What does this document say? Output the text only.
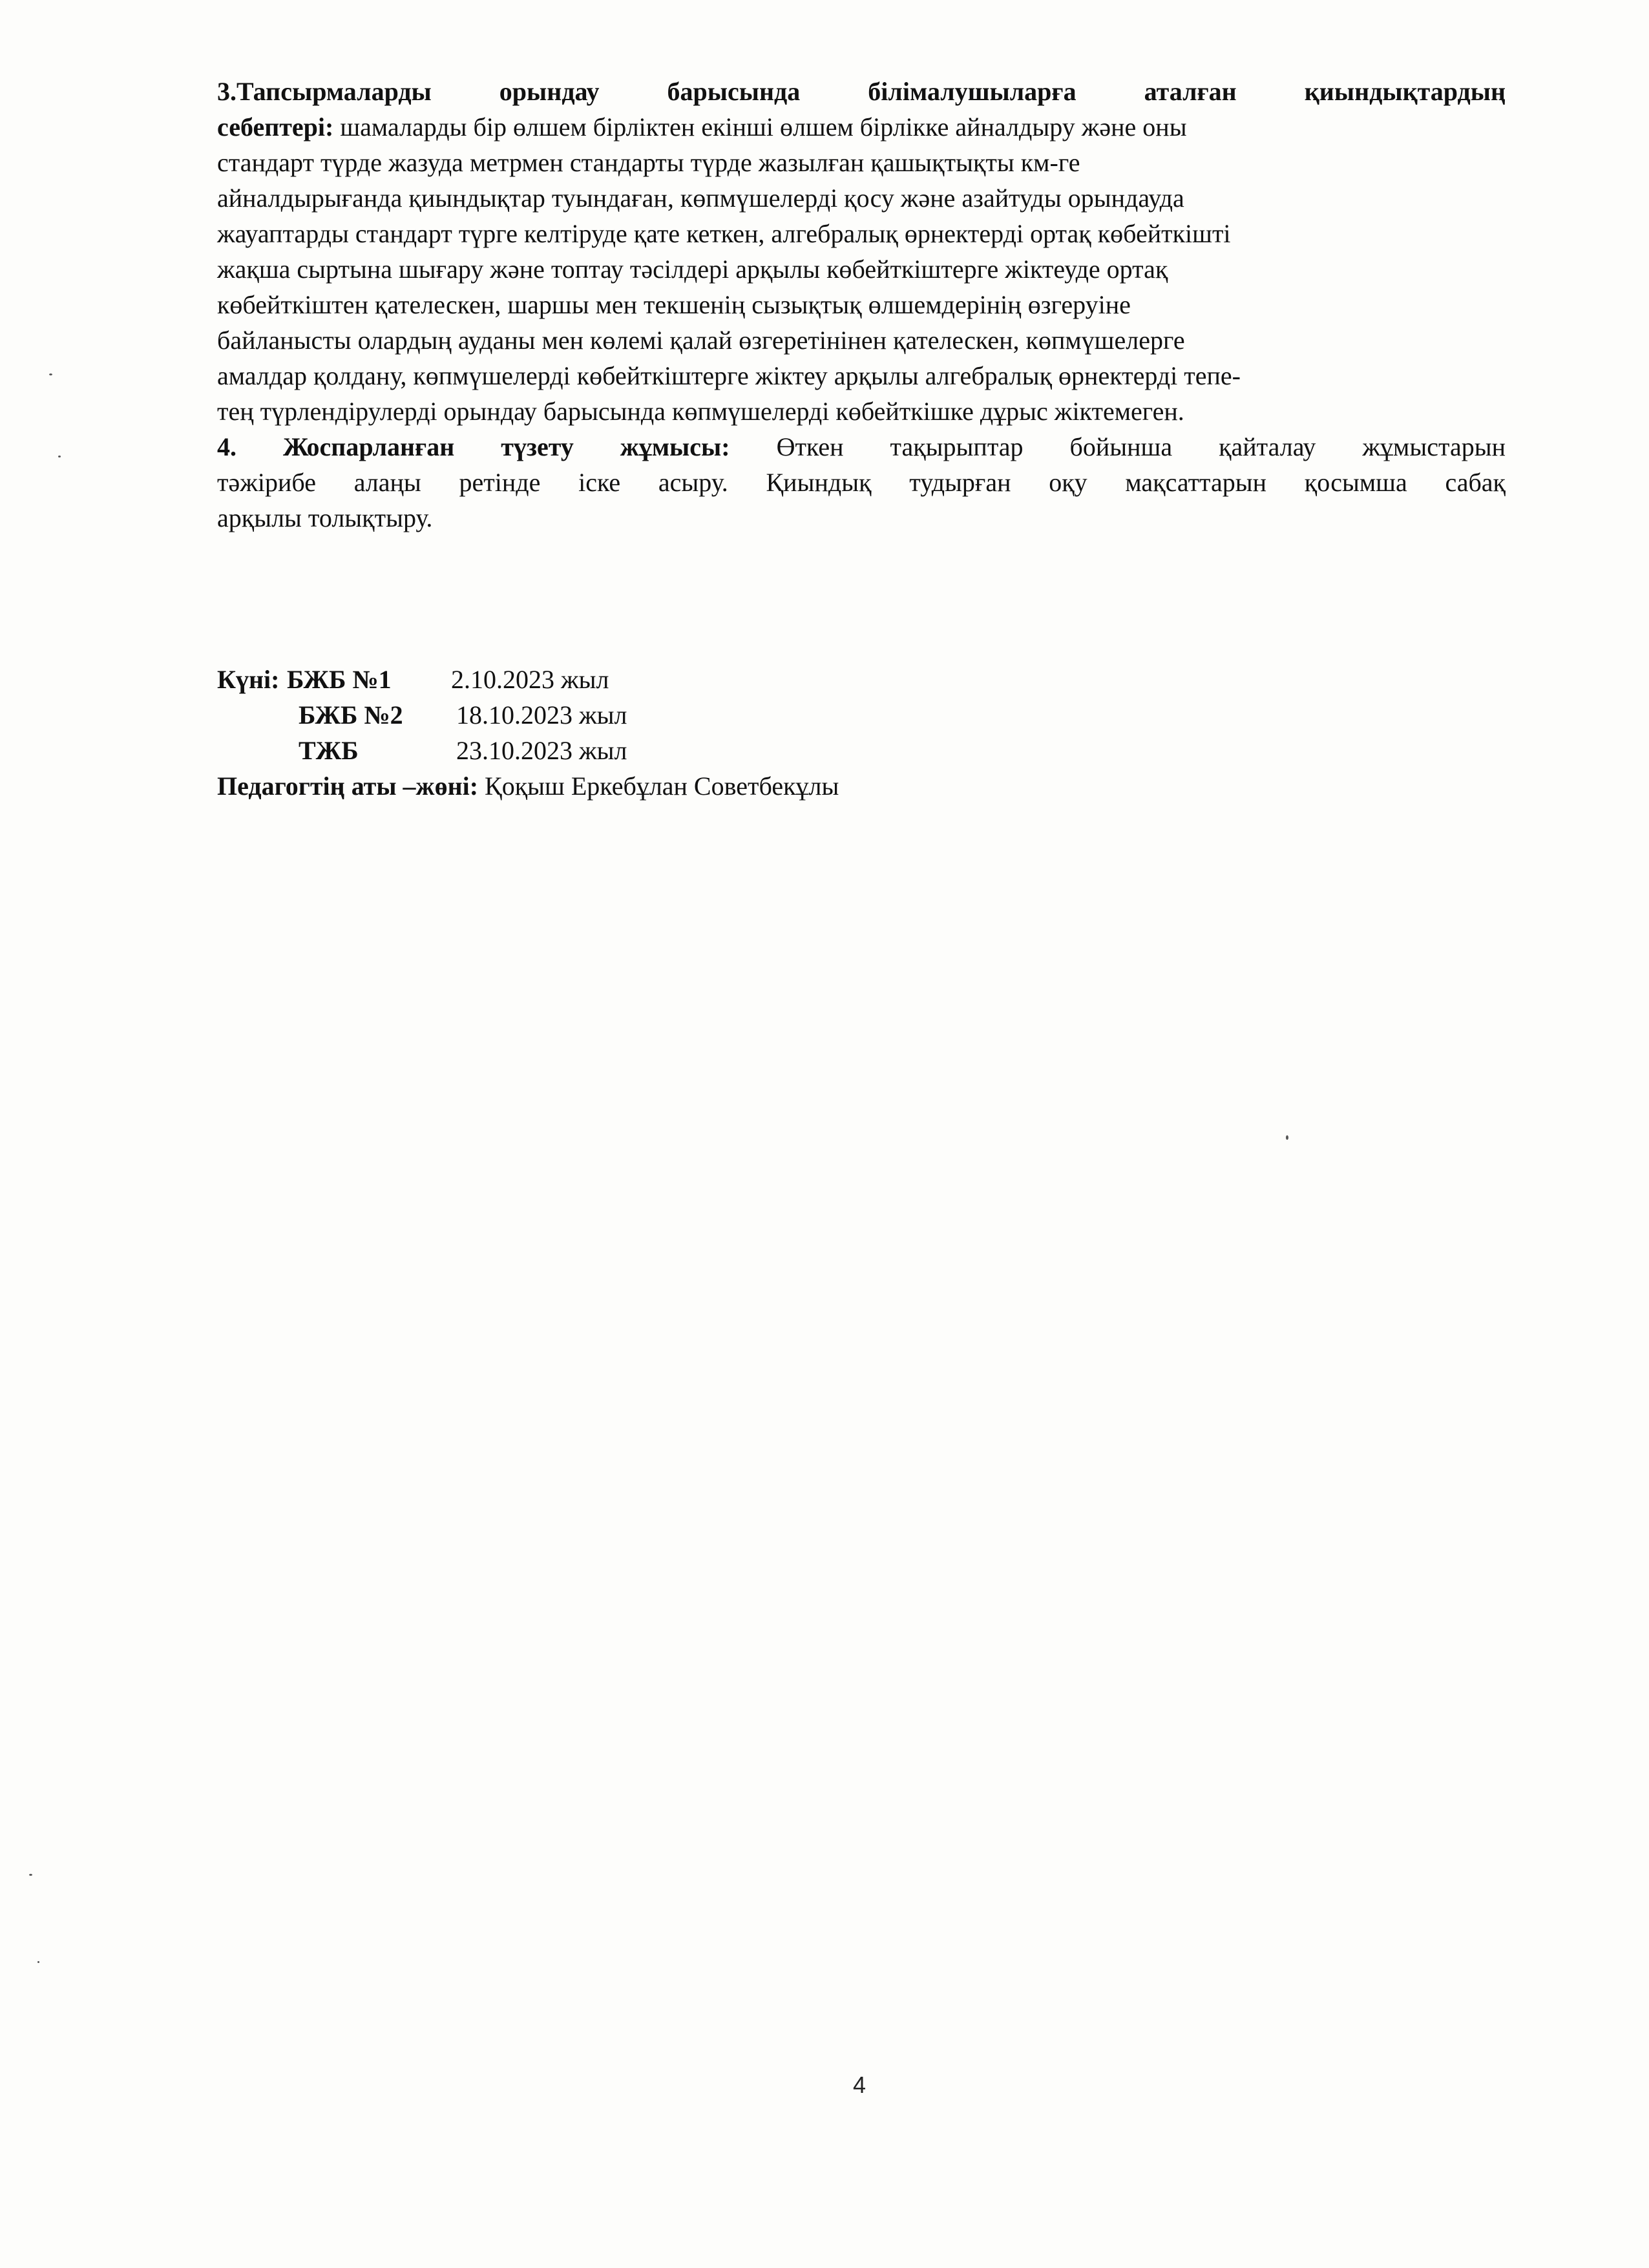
3.Тапсырмаларды орындау барысында білімалушыларға аталған қиындықтардың
себептері: шамаларды бір өлшем бірліктен екінші өлшем бірлікке айналдыру және оны
стандарт түрде жазуда метрмен стандарты түрде жазылған қашықтықты км-ге
айналдырығанда қиындықтар туындаған, көпмүшелерді қосу және азайтуды орындауда
жауаптарды стандарт түрге келтіруде қате кеткен, алгебралық өрнектерді ортақ көбейткішті
жақша сыртына шығару және топтау тәсілдері арқылы көбейткіштерге жіктеуде ортақ
көбейткіштен қателескен, шаршы мен текшенің сызықтық өлшемдерінің өзгеруіне
байланысты олардың ауданы мен көлемі қалай өзгеретінінен қателескен, көпмүшелерге
амалдар қолдану, көпмүшелерді көбейткіштерге жіктеу арқылы алгебралық өрнектерді тепе-
тең түрлендірулерді орындау барысында көпмүшелерді көбейткішке дұрыс жіктемеген.
4. Жоспарланған түзету жұмысы: Өткен тақырыптар бойынша қайталау жұмыстарын
тәжірибе алаңы ретінде іске асыру. Қиындық тудырған оқу мақсаттарын қосымша сабақ
арқылы толықтыру.
Күні: БЖБ №1 2.10.2023 жыл
БЖБ №2 18.10.2023 жыл
ТЖБ	23.10.2023 жыл
Педагогтің аты –жөні: Қоқыш Еркебұлан Советбекұлы
4
